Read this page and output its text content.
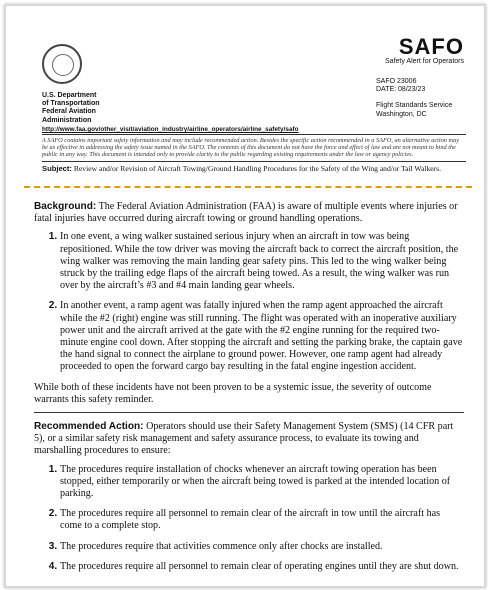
U.S. Department
of Transportation
Federal Aviation
Administration
SAFO
Safety Alert for Operators
SAFO 23006
DATE: 08/23/23
Flight Standards Service
Washington, DC
http://www.faa.gov/other_visit/aviation_industry/airline_operators/airline_safety/safo
A SAFO contains important safety information and may include recommended action. Besides the specific action recommended in a SAFO, an alternative action may be as effective in addressing the safety issue named in the SAFO. The contents of this document do not have the force and effect of law and are not meant to bind the public in any way. This document is intended only to provide clarity to the public regarding existing requirements under the law or agency policies.
Subject: Review and/or Revision of Aircraft Towing/Ground Handling Procedures for the Safety of the Wing and/or Tail Walkers.

Background: The Federal Aviation Administration (FAA) is aware of multiple events where injuries or fatal injuries have occurred during aircraft towing or ground handling operations.

1. In one event, a wing walker sustained serious injury when an aircraft in tow was being repositioned. While the tow driver was moving the aircraft back to correct the aircraft position, the wing walker was removing the main landing gear safety pins. This led to the wing walker being struck by the trailing edge flaps of the aircraft being towed. As a result, the wing walker was run over by the aircraft’s #3 and #4 main landing gear wheels.
2. In another event, a ramp agent was fatally injured when the ramp agent approached the aircraft while the #2 (right) engine was still running. The flight was operated with an inoperative auxiliary power unit and the aircraft arrived at the gate with the #2 engine running for the required two-minute engine cool down. After stopping the aircraft and setting the parking brake, the captain gave the hand signal to connect the airplane to ground power. However, one ramp agent had already proceeded to open the forward cargo bay resulting in the fatal engine ingestion accident.

While both of these incidents have not been proven to be a systemic issue, the severity of outcome warrants this safety reminder.

Recommended Action: Operators should use their Safety Management System (SMS) (14 CFR part 5), or a similar safety risk management and safety assurance process, to evaluate its towing and marshalling procedures to ensure:

1. The procedures require installation of chocks whenever an aircraft towing operation has been stopped, either temporarily or when the aircraft being towed is parked at the intended location of parking.
2. The procedures require all personnel to remain clear of the aircraft in tow until the aircraft has come to a complete stop.
3. The procedures require that activities commence only after chocks are installed.
4. The procedures require all personnel to remain clear of operating engines until they are shut down.
